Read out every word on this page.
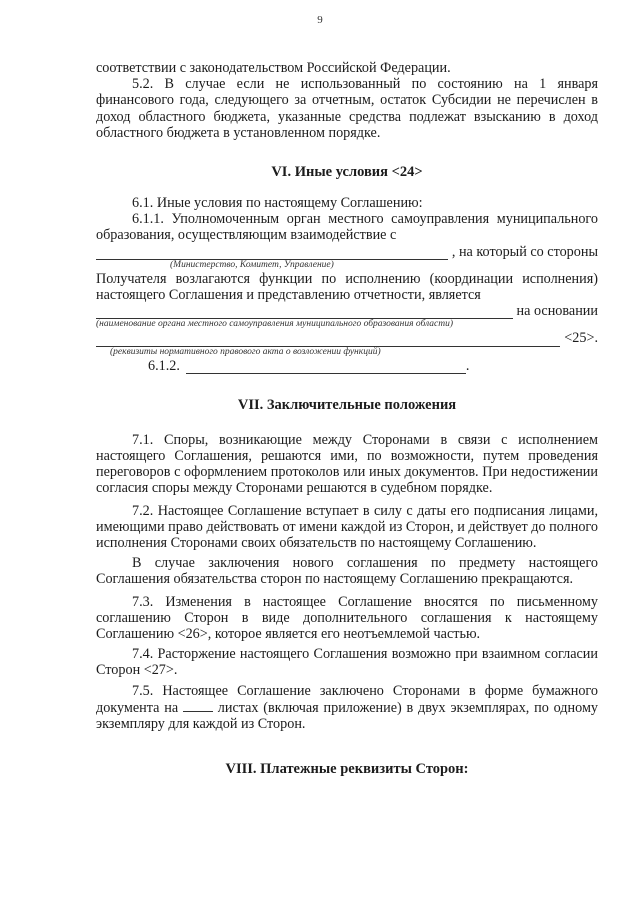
9

соответствии с законодательством Российской Федерации.

5.2. В случае если не использованный по состоянию на 1 января финансового года, следующего за отчетным, остаток Субсидии не перечислен в доход областного бюджета, указанные средства подлежат взысканию в доход областного бюджета в установленном порядке.

VI. Иные условия <24>

6.1. Иные условия по настоящему Соглашению:

6.1.1. Уполномоченным орган местного самоуправления муниципального образования, осуществляющим взаимодействие с

, на который со стороны
(Министерство, Комитет, Управление)

Получателя возлагаются функции по исполнению (координации исполнения) настоящего Соглашения и представлению отчетности, является

на основании
(наименование органа местного самоуправления муниципального образования области)
<25>.
(реквизиты нормативного правового акта о возложении функций)
6.1.2.	.
VII. Заключительные положения

7.1. Споры, возникающие между Сторонами в связи с исполнением настоящего Соглашения, решаются ими, по возможности, путем проведения переговоров с оформлением протоколов или иных документов. При недостижении согласия споры между Сторонами решаются в судебном порядке.

7.2. Настоящее Соглашение вступает в силу с даты его подписания лицами, имеющими право действовать от имени каждой из Сторон, и действует до полного исполнения Сторонами своих обязательств по настоящему Соглашению.

В случае заключения нового соглашения по предмету настоящего Соглашения обязательства сторон по настоящему Соглашению прекращаются.

7.3. Изменения в настоящее Соглашение вносятся по письменному соглашению Сторон в виде дополнительного соглашения к настоящему Соглашению <26>, которое является его неотъемлемой частью.

7.4. Расторжение настоящего Соглашения возможно при взаимном согласии Сторон <27>.

7.5. Настоящее Соглашение заключено Сторонами в форме бумажного документа на	листах (включая приложение) в двух экземплярах, по одному экземпляру для каждой из Сторон.

VIII. Платежные реквизиты Сторон:
